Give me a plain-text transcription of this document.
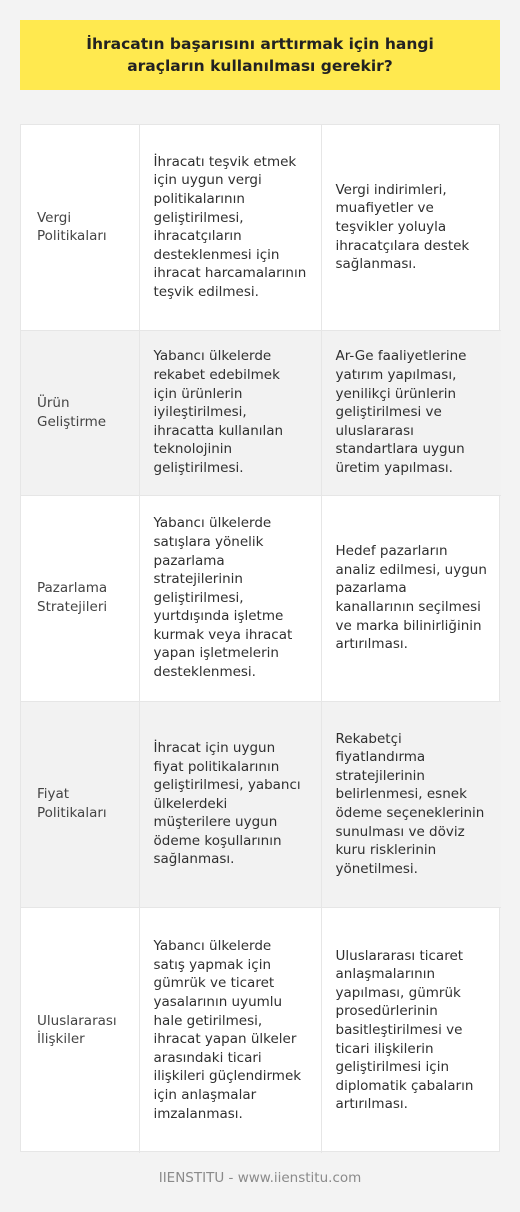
İhracatın başarısını arttırmak için hangi araçların kullanılması gerekir?
Vergi Politikaları	İhracatı teşvik etmek için uygun vergi politikalarının geliştirilmesi, ihracatçıların desteklenmesi için ihracat harcamalarının teşvik edilmesi.	Vergi indirimleri, muafiyetler ve teşvikler yoluyla ihracatçılara destek sağlanması.
Ürün Geliştirme	Yabancı ülkelerde rekabet edebilmek için ürünlerin iyileştirilmesi, ihracatta kullanılan teknolojinin geliştirilmesi.	Ar-Ge faaliyetlerine yatırım yapılması, yenilikçi ürünlerin geliştirilmesi ve uluslararası standartlara uygun üretim yapılması.
Pazarlama Stratejileri	Yabancı ülkelerde satışlara yönelik pazarlama stratejilerinin geliştirilmesi, yurtdışında işletme kurmak veya ihracat yapan işletmelerin desteklenmesi.	Hedef pazarların analiz edilmesi, uygun pazarlama kanallarının seçilmesi ve marka bilinirliğinin artırılması.
Fiyat Politikaları	İhracat için uygun fiyat politikalarının geliştirilmesi, yabancı ülkelerdeki müşterilere uygun ödeme koşullarının sağlanması.	Rekabetçi fiyatlandırma stratejilerinin belirlenmesi, esnek ödeme seçeneklerinin sunulması ve döviz kuru risklerinin yönetilmesi.
Uluslararası İlişkiler	Yabancı ülkelerde satış yapmak için gümrük ve ticaret yasalarının uyumlu hale getirilmesi, ihracat yapan ülkeler arasındaki ticari ilişkileri güçlendirmek için anlaşmalar imzalanması.	Uluslararası ticaret anlaşmalarının yapılması, gümrük prosedürlerinin basitleştirilmesi ve ticari ilişkilerin geliştirilmesi için diplomatik çabaların artırılması.
IIENSTITU - www.iienstitu.com
